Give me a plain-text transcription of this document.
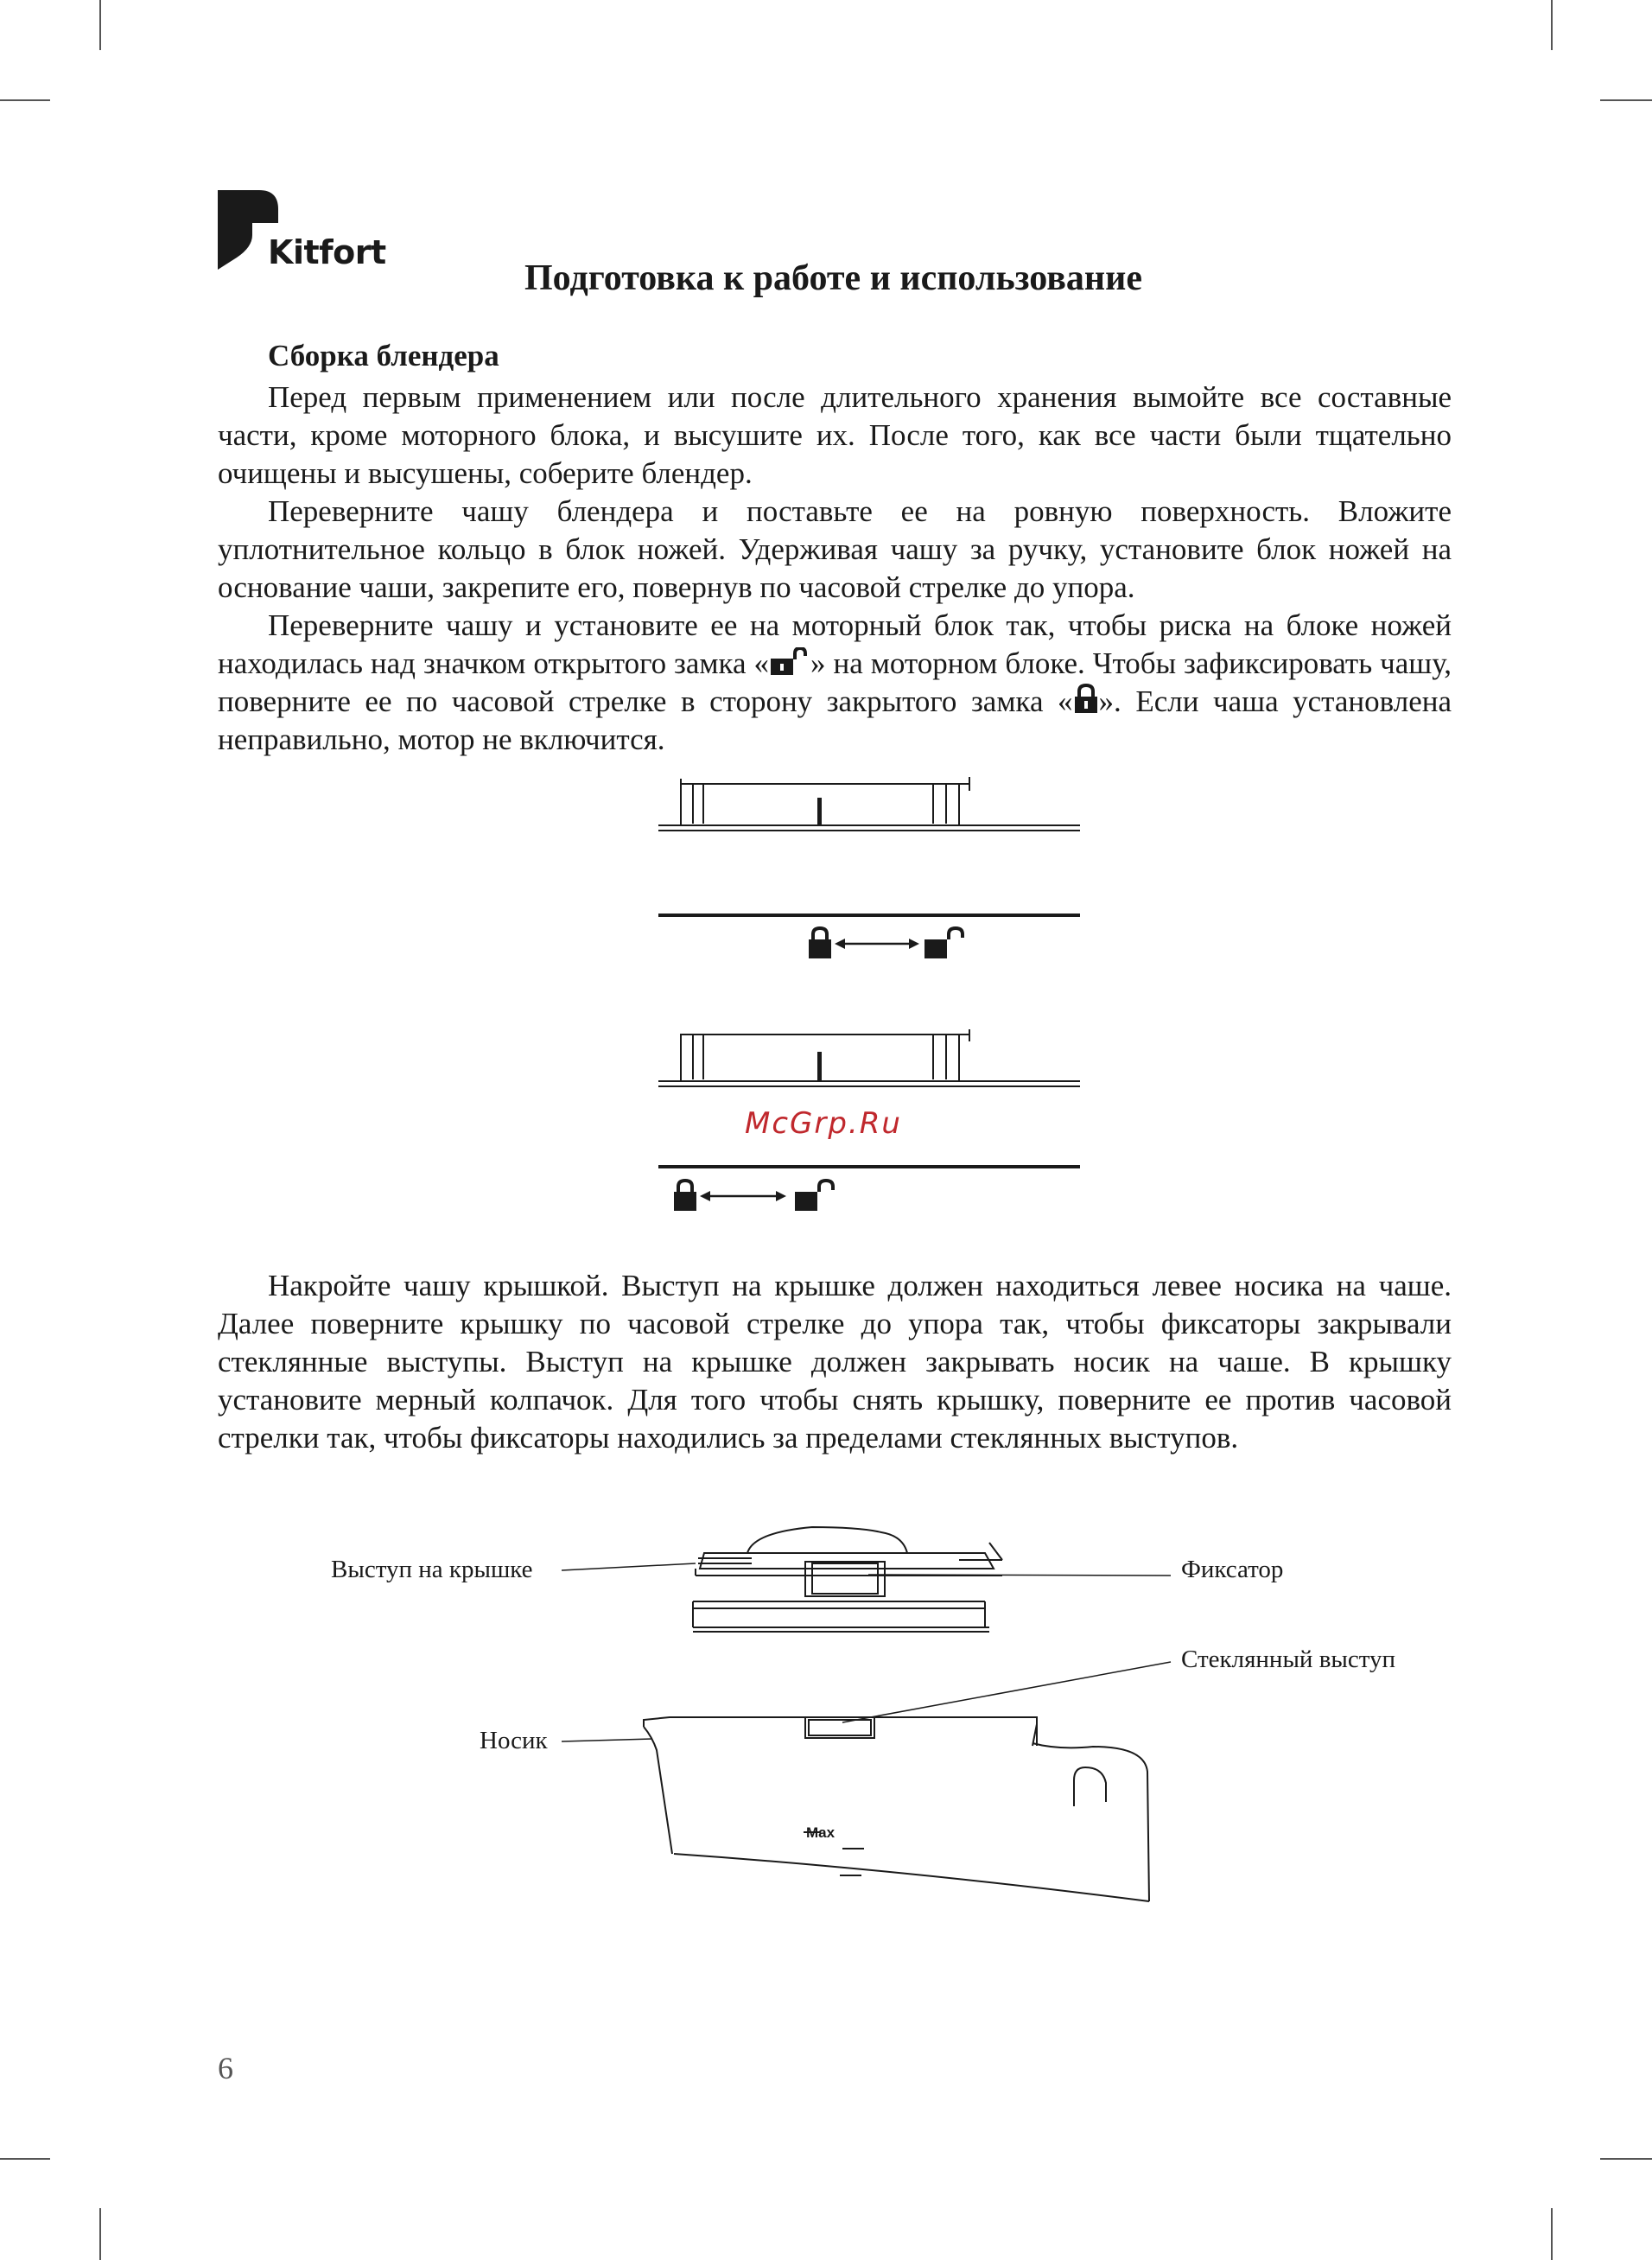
Kitfort
Подготовка к работе и использование
Сборка блендера

Перед первым применением или после длительного хранения вымойте все составные части, кроме моторного блока, и высушите их. После того, как все части были тщательно очищены и высушены, соберите блендер.

Переверните чашу блендера и поставьте ее на ровную поверхность. Вложите уплотнительное кольцо в блок ножей. Удерживая чашу за ручку, установите блок ножей на основание чаши, закрепите его, повернув по часовой стрелке до упора.

Переверните чашу и установите ее на моторный блок так, чтобы риска на блоке ножей находилась над значком открытого замка « » на моторном блоке. Чтобы зафиксировать чашу, поверните ее по часовой стрелке в сторону закрытого замка « ». Если чаша установлена неправильно, мотор не включится.

McGrp.Ru

Накройте чашу крышкой. Выступ на крышке должен находиться левее носика на чаше. Далее поверните крышку по часовой стрелке до упора так, чтобы фиксаторы закрывали стеклянные выступы. Выступ на крышке должен закрывать носик на чаше. В крышку установите мерный колпачок. Для того чтобы снять крышку, поверните ее против часовой стрелки так, чтобы фиксаторы находились за пределами стеклянных выступов.

Max

Выступ на крышке	Фиксатор

Стеклянный выступ

Носик

6
